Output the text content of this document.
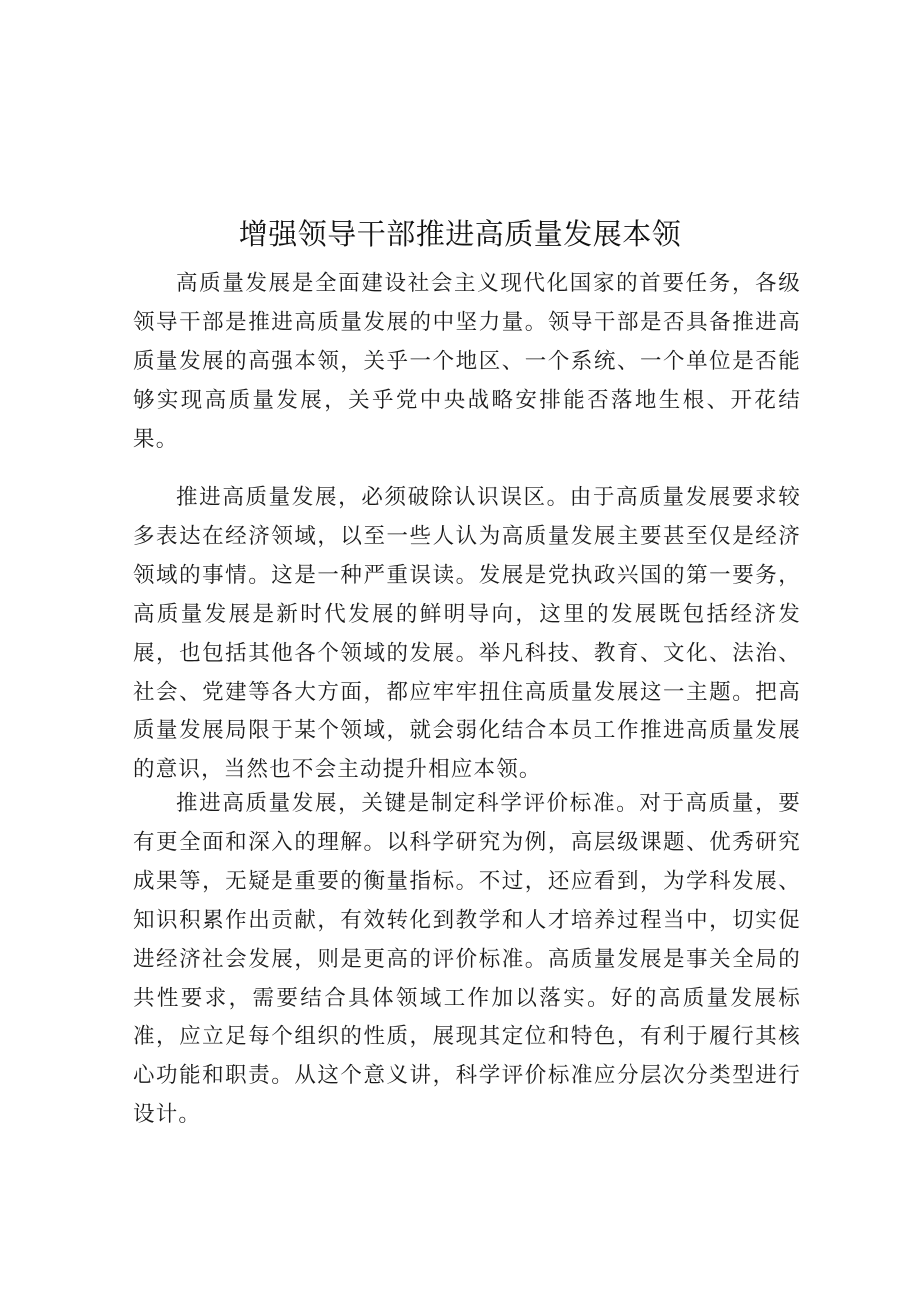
增强领导干部推进高质量发展本领

高质量发展是全面建设社会主义现代化国家的首要任务，各级领导干部是推进高质量发展的中坚力量。领导干部是否具备推进高质量发展的高强本领，关乎一个地区、一个系统、一个单位是否能够实现高质量发展，关乎党中央战略安排能否落地生根、开花结果。

推进高质量发展，必须破除认识误区。由于高质量发展要求较多表达在经济领域，以至一些人认为高质量发展主要甚至仅是经济领域的事情。这是一种严重误读。发展是党执政兴国的第一要务，高质量发展是新时代发展的鲜明导向，这里的发展既包括经济发展，也包括其他各个领域的发展。举凡科技、教育、文化、法治、社会、党建等各大方面，都应牢牢扭住高质量发展这一主题。把高质量发展局限于某个领域，就会弱化结合本员工作推进高质量发展的意识，当然也不会主动提升相应本领。

推进高质量发展，关键是制定科学评价标准。对于高质量，要有更全面和深入的理解。以科学研究为例，高层级课题、优秀研究成果等，无疑是重要的衡量指标。不过，还应看到，为学科发展、知识积累作出贡献，有效转化到教学和人才培养过程当中，切实促进经济社会发展，则是更高的评价标准。高质量发展是事关全局的共性要求，需要结合具体领域工作加以落实。好的高质量发展标准，应立足每个组织的性质，展现其定位和特色，有利于履行其核心功能和职责。从这个意义讲，科学评价标准应分层次分类型进行设计。
